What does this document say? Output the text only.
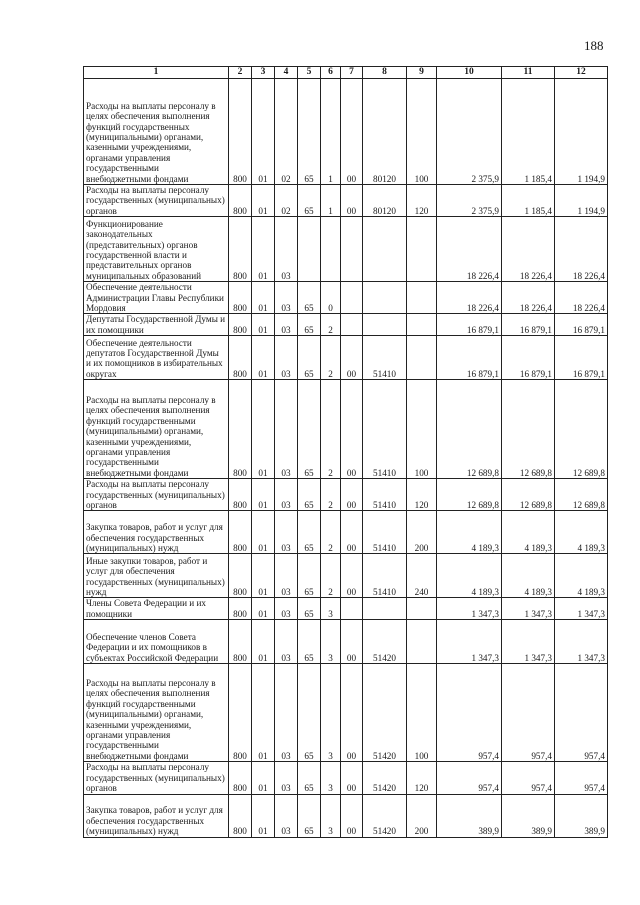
188
1	2	3	4	5	6	7	8	9	10	11	12
Расходы на выплаты персоналу в целях обеспечения выполнения функций государственных (муниципальными) органами, казенными учреждениями, органами управления государственными внебюджетными фондами	800	01	02	65	1	00	80120	100	2 375,9	1 185,4	1 194,9
Расходы на выплаты персоналу государственных (муниципальных) органов	800	01	02	65	1	00	80120	120	2 375,9	1 185,4	1 194,9
Функционирование законодательных (представительных) органов государственной власти и представительных органов муниципальных образований	800	01	03						18 226,4	18 226,4	18 226,4
Обеспечение деятельности Администрации Главы Республики Мордовия	800	01	03	65	0				18 226,4	18 226,4	18 226,4
Депутаты Государственной Думы и их помощники	800	01	03	65	2				16 879,1	16 879,1	16 879,1
Обеспечение деятельности депутатов Государственной Думы и их помощников в избирательных округах	800	01	03	65	2	00	51410		16 879,1	16 879,1	16 879,1
Расходы на выплаты персоналу в целях обеспечения выполнения функций государственными (муниципальными) органами, казенными учреждениями, органами управления государственными внебюджетными фондами	800	01	03	65	2	00	51410	100	12 689,8	12 689,8	12 689,8
Расходы на выплаты персоналу государственных (муниципальных) органов	800	01	03	65	2	00	51410	120	12 689,8	12 689,8	12 689,8
Закупка товаров, работ и услуг для обеспечения государственных (муниципальных) нужд	800	01	03	65	2	00	51410	200	4 189,3	4 189,3	4 189,3
Иные закупки товаров, работ и услуг для обеспечения государственных (муниципальных) нужд	800	01	03	65	2	00	51410	240	4 189,3	4 189,3	4 189,3
Члены Совета Федерации и их помощники	800	01	03	65	3				1 347,3	1 347,3	1 347,3
Обеспечение членов Совета Федерации и их помощников в субъектах Российской Федерации	800	01	03	65	3	00	51420		1 347,3	1 347,3	1 347,3
Расходы на выплаты персоналу в целях обеспечения выполнения функций государственными (муниципальными) органами, казенными учреждениями, органами управления государственными внебюджетными фондами	800	01	03	65	3	00	51420	100	957,4	957,4	957,4
Расходы на выплаты персоналу государственных (муниципальных) органов	800	01	03	65	3	00	51420	120	957,4	957,4	957,4
Закупка товаров, работ и услуг для обеспечения государственных (муниципальных) нужд	800	01	03	65	3	00	51420	200	389,9	389,9	389,9
